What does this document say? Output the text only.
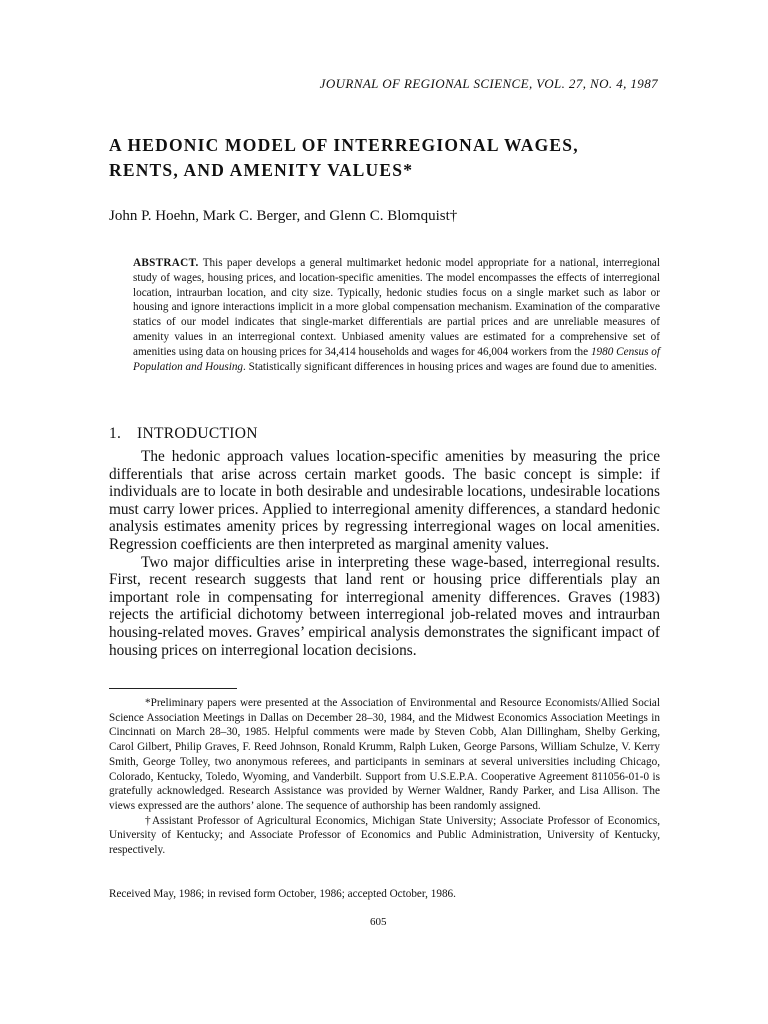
JOURNAL OF REGIONAL SCIENCE, VOL. 27, NO. 4, 1987
A HEDONIC MODEL OF INTERREGIONAL WAGES,
RENTS, AND AMENITY VALUES*
John P. Hoehn, Mark C. Berger, and Glenn C. Blomquist†
ABSTRACT. This paper develops a general multimarket hedonic model appropriate for a national, interregional study of wages, housing prices, and location-specific amenities. The model encompasses the effects of interregional location, intraurban location, and city size. Typically, hedonic studies focus on a single market such as labor or housing and ignore interactions implicit in a more global compensation mechanism. Examination of the comparative statics of our model indicates that single-market differentials are partial prices and are unreliable measures of amenity values in an interregional context. Unbiased amenity values are estimated for a comprehensive set of amenities using data on housing prices for 34,414 households and wages for 46,004 workers from the 1980 Census of Population and Housing. Statistically significant differences in housing prices and wages are found due to amenities.
1. INTRODUCTION

The hedonic approach values location-specific amenities by measuring the price differentials that arise across certain market goods. The basic concept is simple: if individuals are to locate in both desirable and undesirable locations, undesirable locations must carry lower prices. Applied to interregional amenity differences, a standard hedonic analysis estimates amenity prices by regressing interregional wages on local amenities. Regression coefficients are then interpreted as marginal amenity values.

Two major difficulties arise in interpreting these wage-based, interregional results. First, recent research suggests that land rent or housing price differentials play an important role in compensating for interregional amenity differences. Graves (1983) rejects the artificial dichotomy between interregional job-related moves and intraurban housing-related moves. Graves’ empirical analysis demonstrates the significant impact of housing prices on interregional location decisions.

*Preliminary papers were presented at the Association of Environmental and Resource Economists/Allied Social Science Association Meetings in Dallas on December 28–30, 1984, and the Midwest Economics Association Meetings in Cincinnati on March 28–30, 1985. Helpful comments were made by Steven Cobb, Alan Dillingham, Shelby Gerking, Carol Gilbert, Philip Graves, F. Reed Johnson, Ronald Krumm, Ralph Luken, George Parsons, William Schulze, V. Kerry Smith, George Tolley, two anonymous referees, and participants in seminars at several universities including Chicago, Colorado, Kentucky, Toledo, Wyoming, and Vanderbilt. Support from U.S.E.P.A. Cooperative Agreement 811056-01-0 is gratefully acknowledged. Research Assistance was provided by Werner Waldner, Randy Parker, and Lisa Allison. The views expressed are the authors’ alone. The sequence of authorship has been randomly assigned.

†Assistant Professor of Agricultural Economics, Michigan State University; Associate Professor of Economics, University of Kentucky; and Associate Professor of Economics and Public Administration, University of Kentucky, respectively.

Received May, 1986; in revised form October, 1986; accepted October, 1986.
605
